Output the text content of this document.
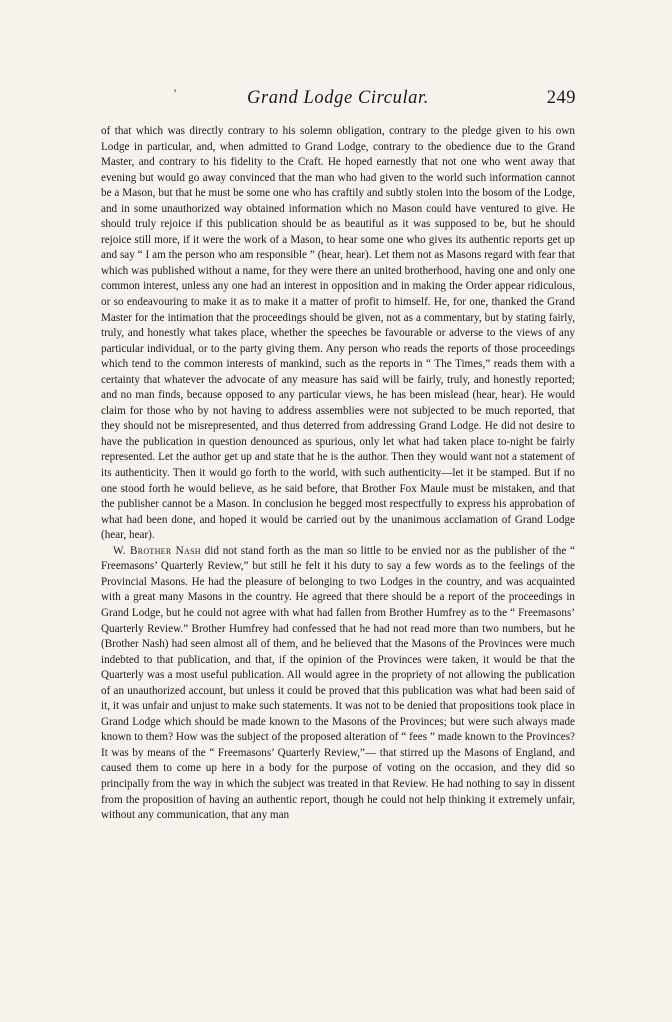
'	Grand Lodge Circular.	249

of that which was directly contrary to his solemn obligation, contrary to the pledge given to his own Lodge in particular, and, when admitted to Grand Lodge, contrary to the obedience due to the Grand Master, and contrary to his fidelity to the Craft. He hoped earnestly that not one who went away that evening but would go away convinced that the man who had given to the world such information cannot be a Mason, but that he must be some one who has craftily and subtly stolen into the bosom of the Lodge, and in some unauthorized way obtained information which no Mason could have ventured to give. He should truly rejoice if this publication should be as beautiful as it was supposed to be, but he should rejoice still more, if it were the work of a Mason, to hear some one who gives its authentic reports get up and say “ I am the person who am responsible ” (hear, hear). Let them not as Masons regard with fear that which was published without a name, for they were there an united brotherhood, having one and only one common interest, unless any one had an interest in opposition and in making the Order appear ridiculous, or so endeavouring to make it as to make it a matter of profit to himself. He, for one, thanked the Grand Master for the intimation that the proceedings should be given, not as a commentary, but by stating fairly, truly, and honestly what takes place, whether the speeches be favourable or adverse to the views of any particular individual, or to the party giving them. Any person who reads the reports of those proceedings which tend to the common interests of mankind, such as the reports in “ The Times,” reads them with a certainty that whatever the advocate of any measure has said will be fairly, truly, and honestly reported; and no man finds, because opposed to any particular views, he has been mislead (hear, hear). He would claim for those who by not having to address assemblies were not subjected to be much reported, that they should not be misrepresented, and thus deterred from addressing Grand Lodge. He did not desire to have the publication in question denounced as spurious, only let what had taken place to-night be fairly represented. Let the author get up and state that he is the author. Then they would want not a statement of its authenticity. Then it would go forth to the world, with such authenticity—let it be stamped. But if no one stood forth he would believe, as he said before, that Brother Fox Maule must be mistaken, and that the publisher cannot be a Mason. In conclusion he begged most respectfully to express his approbation of what had been done, and hoped it would be carried out by the unanimous acclamation of Grand Lodge (hear, hear).

W. Brother Nash did not stand forth as the man so little to be envied nor as the publisher of the “ Freemasons’ Quarterly Review,” but still he felt it his duty to say a few words as to the feelings of the Provincial Masons. He had the pleasure of belonging to two Lodges in the country, and was acquainted with a great many Masons in the country. He agreed that there should be a report of the proceedings in Grand Lodge, but he could not agree with what had fallen from Brother Humfrey as to the “ Freemasons’ Quarterly Review.” Brother Humfrey had confessed that he had not read more than two numbers, but he (Brother Nash) had seen almost all of them, and he believed that the Masons of the Provinces were much indebted to that publication, and that, if the opinion of the Provinces were taken, it would be that the Quarterly was a most useful publication. All would agree in the propriety of not allowing the publication of an unauthorized account, but unless it could be proved that this publication was what had been said of it, it was unfair and unjust to make such statements. It was not to be denied that propositions took place in Grand Lodge which should be made known to the Masons of the Provinces; but were such always made known to them? How was the subject of the proposed alteration of “ fees ” made known to the Provinces? It was by means of the “ Freemasons’ Quarterly Review,”— that stirred up the Masons of England, and caused them to come up here in a body for the purpose of voting on the occasion, and they did so principally from the way in which the subject was treated in that Review. He had nothing to say in dissent from the proposition of having an authentic report, though he could not help thinking it extremely unfair, without any communication, that any man
